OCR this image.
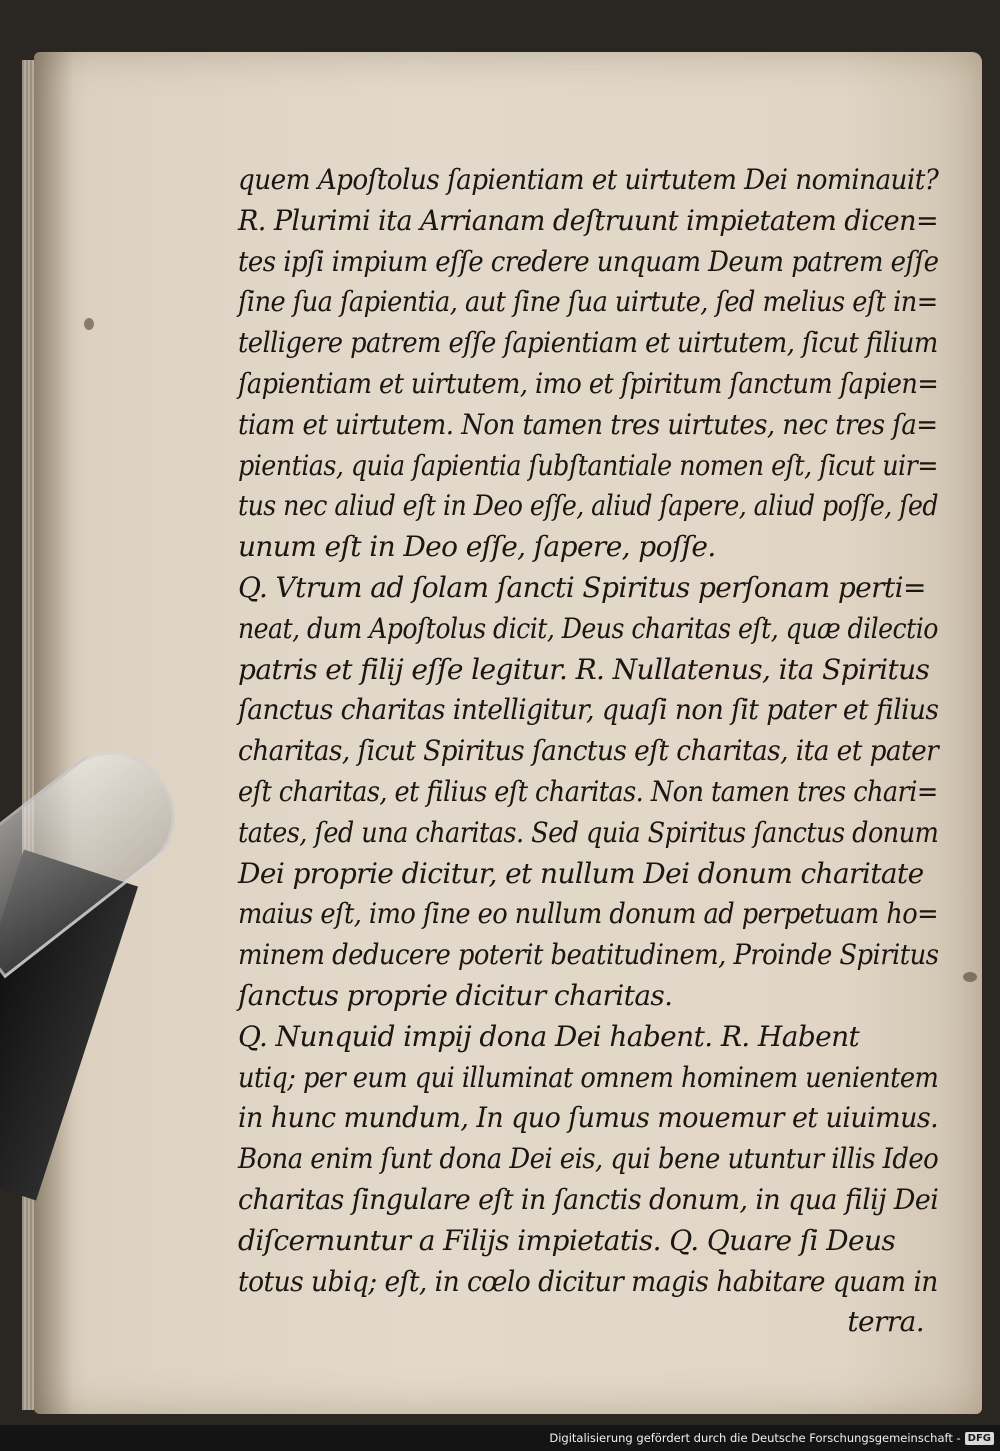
quem Apoſtolus ſapientiam et uirtutem Dei nominauit?
R. Plurimi ita Arrianam deſtruunt impietatem dicen=
tes ipſi impium eſſe credere unquam Deum patrem eſſe
ſine ſua ſapientia, aut ſine ſua uirtute, ſed melius eſt in=
telligere patrem eſſe ſapientiam et uirtutem, ſicut filium
ſapientiam et uirtutem, imo et ſpiritum ſanctum ſapien=
tiam et uirtutem. Non tamen tres uirtutes, nec tres ſa=
pientias, quia ſapientia ſubſtantiale nomen eſt, ſicut uir=
tus nec aliud eſt in Deo eſſe, aliud ſapere, aliud poſſe, ſed
unum eſt in Deo eſſe, ſapere, poſſe.
Q. Vtrum ad ſolam ſancti Spiritus perſonam perti=
neat, dum Apoſtolus dicit, Deus charitas eſt, quæ dilectio
patris et filij eſſe legitur. R. Nullatenus, ita Spiritus
ſanctus charitas intelligitur, quaſi non ſit pater et filius
charitas, ſicut Spiritus ſanctus eſt charitas, ita et pater
eſt charitas, et filius eſt charitas. Non tamen tres chari=
tates, ſed una charitas. Sed quia Spiritus ſanctus donum
Dei proprie dicitur, et nullum Dei donum charitate
maius eſt, imo ſine eo nullum donum ad perpetuam ho=
minem deducere poterit beatitudinem, Proinde Spiritus
ſanctus proprie dicitur charitas.
Q. Nunquid impij dona Dei habent. R. Habent
utiq; per eum qui illuminat omnem hominem uenientem
in hunc mundum, In quo ſumus mouemur et uiuimus.
Bona enim ſunt dona Dei eis, qui bene utuntur illis Ideo
charitas ſingulare eſt in ſanctis donum, in qua filij Dei
diſcernuntur a Filijs impietatis. Q. Quare ſi Deus
totus ubiq; eſt, in cœlo dicitur magis habitare quam in
terra.
Digitalisierung gefördert durch die Deutsche Forschungsgemeinschaft - DFG
